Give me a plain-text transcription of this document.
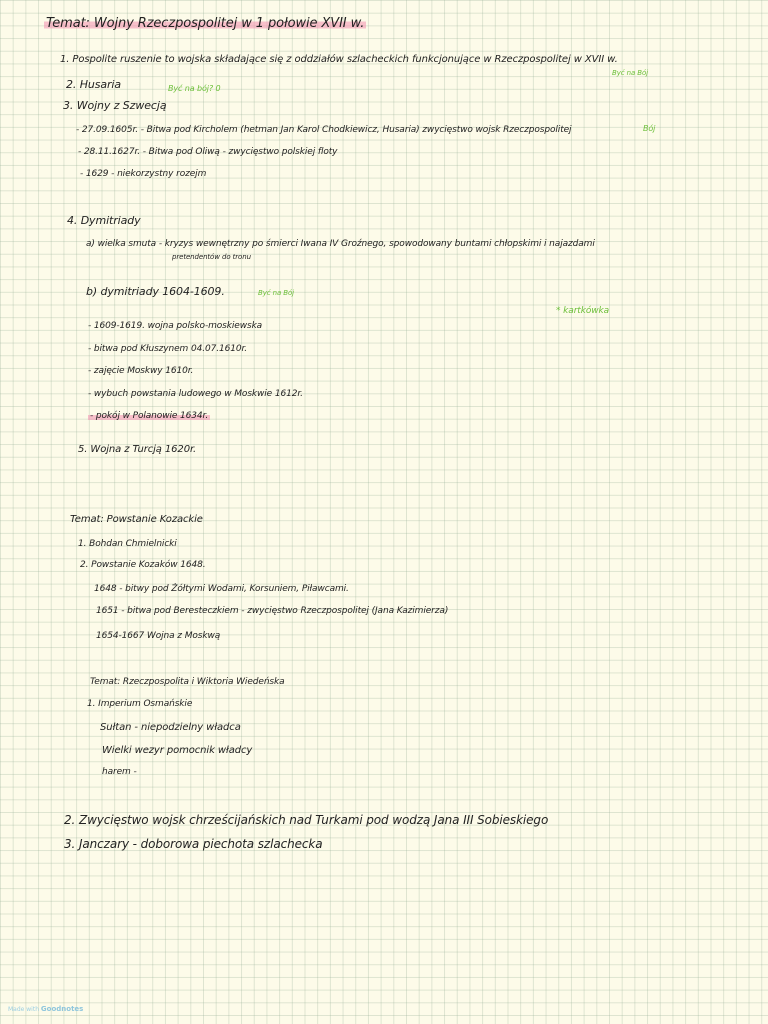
Temat: Wojny Rzeczpospolitej w 1 połowie XVII w.
1. Pospolite ruszenie to wojska składające się z oddziałów szlacheckich funkcjonujące w Rzeczpospolitej w XVII w.
Być na Bój
2. Husaria	Być na bój? 0
3. Wojny z Szwecją
- 27.09.1605r. - Bitwa pod Kircholem (hetman Jan Karol Chodkiewicz, Husaria) zwycięstwo wojsk Rzeczpospolitej	Bój
- 28.11.1627r. - Bitwa pod Oliwą - zwycięstwo polskiej floty
- 1629 - niekorzystny rozejm
4. Dymitriady
a) wielka smuta - kryzys wewnętrzny po śmierci Iwana IV Groźnego, spowodowany buntami chłopskimi i najazdami
pretendentów do tronu
b) dymitriady 1604-1609.	Być na Bój
* kartkówka
- 1609-1619. wojna polsko-moskiewska
- bitwa pod Kłuszynem 04.07.1610r.
- zajęcie Moskwy 1610r.
- wybuch powstania ludowego w Moskwie 1612r.
- pokój w Polanowie 1634r.
5. Wojna z Turcją 1620r.
Temat: Powstanie Kozackie
1. Bohdan Chmielnicki
2. Powstanie Kozaków 1648.
1648 - bitwy pod Żółtymi Wodami, Korsuniem, Piławcami.
1651 - bitwa pod Beresteczkiem - zwycięstwo Rzeczpospolitej (Jana Kazimierza)
1654-1667 Wojna z Moskwą
Temat: Rzeczpospolita i Wiktoria Wiedeńska
1. Imperium Osmańskie
Sułtan - niepodzielny władca
Wielki wezyr pomocnik władcy
harem -
2. Zwycięstwo wojsk chrześcijańskich nad Turkami pod wodzą Jana III Sobieskiego
3. Janczary - doborowa piechota szlachecka
Made with Goodnotes
